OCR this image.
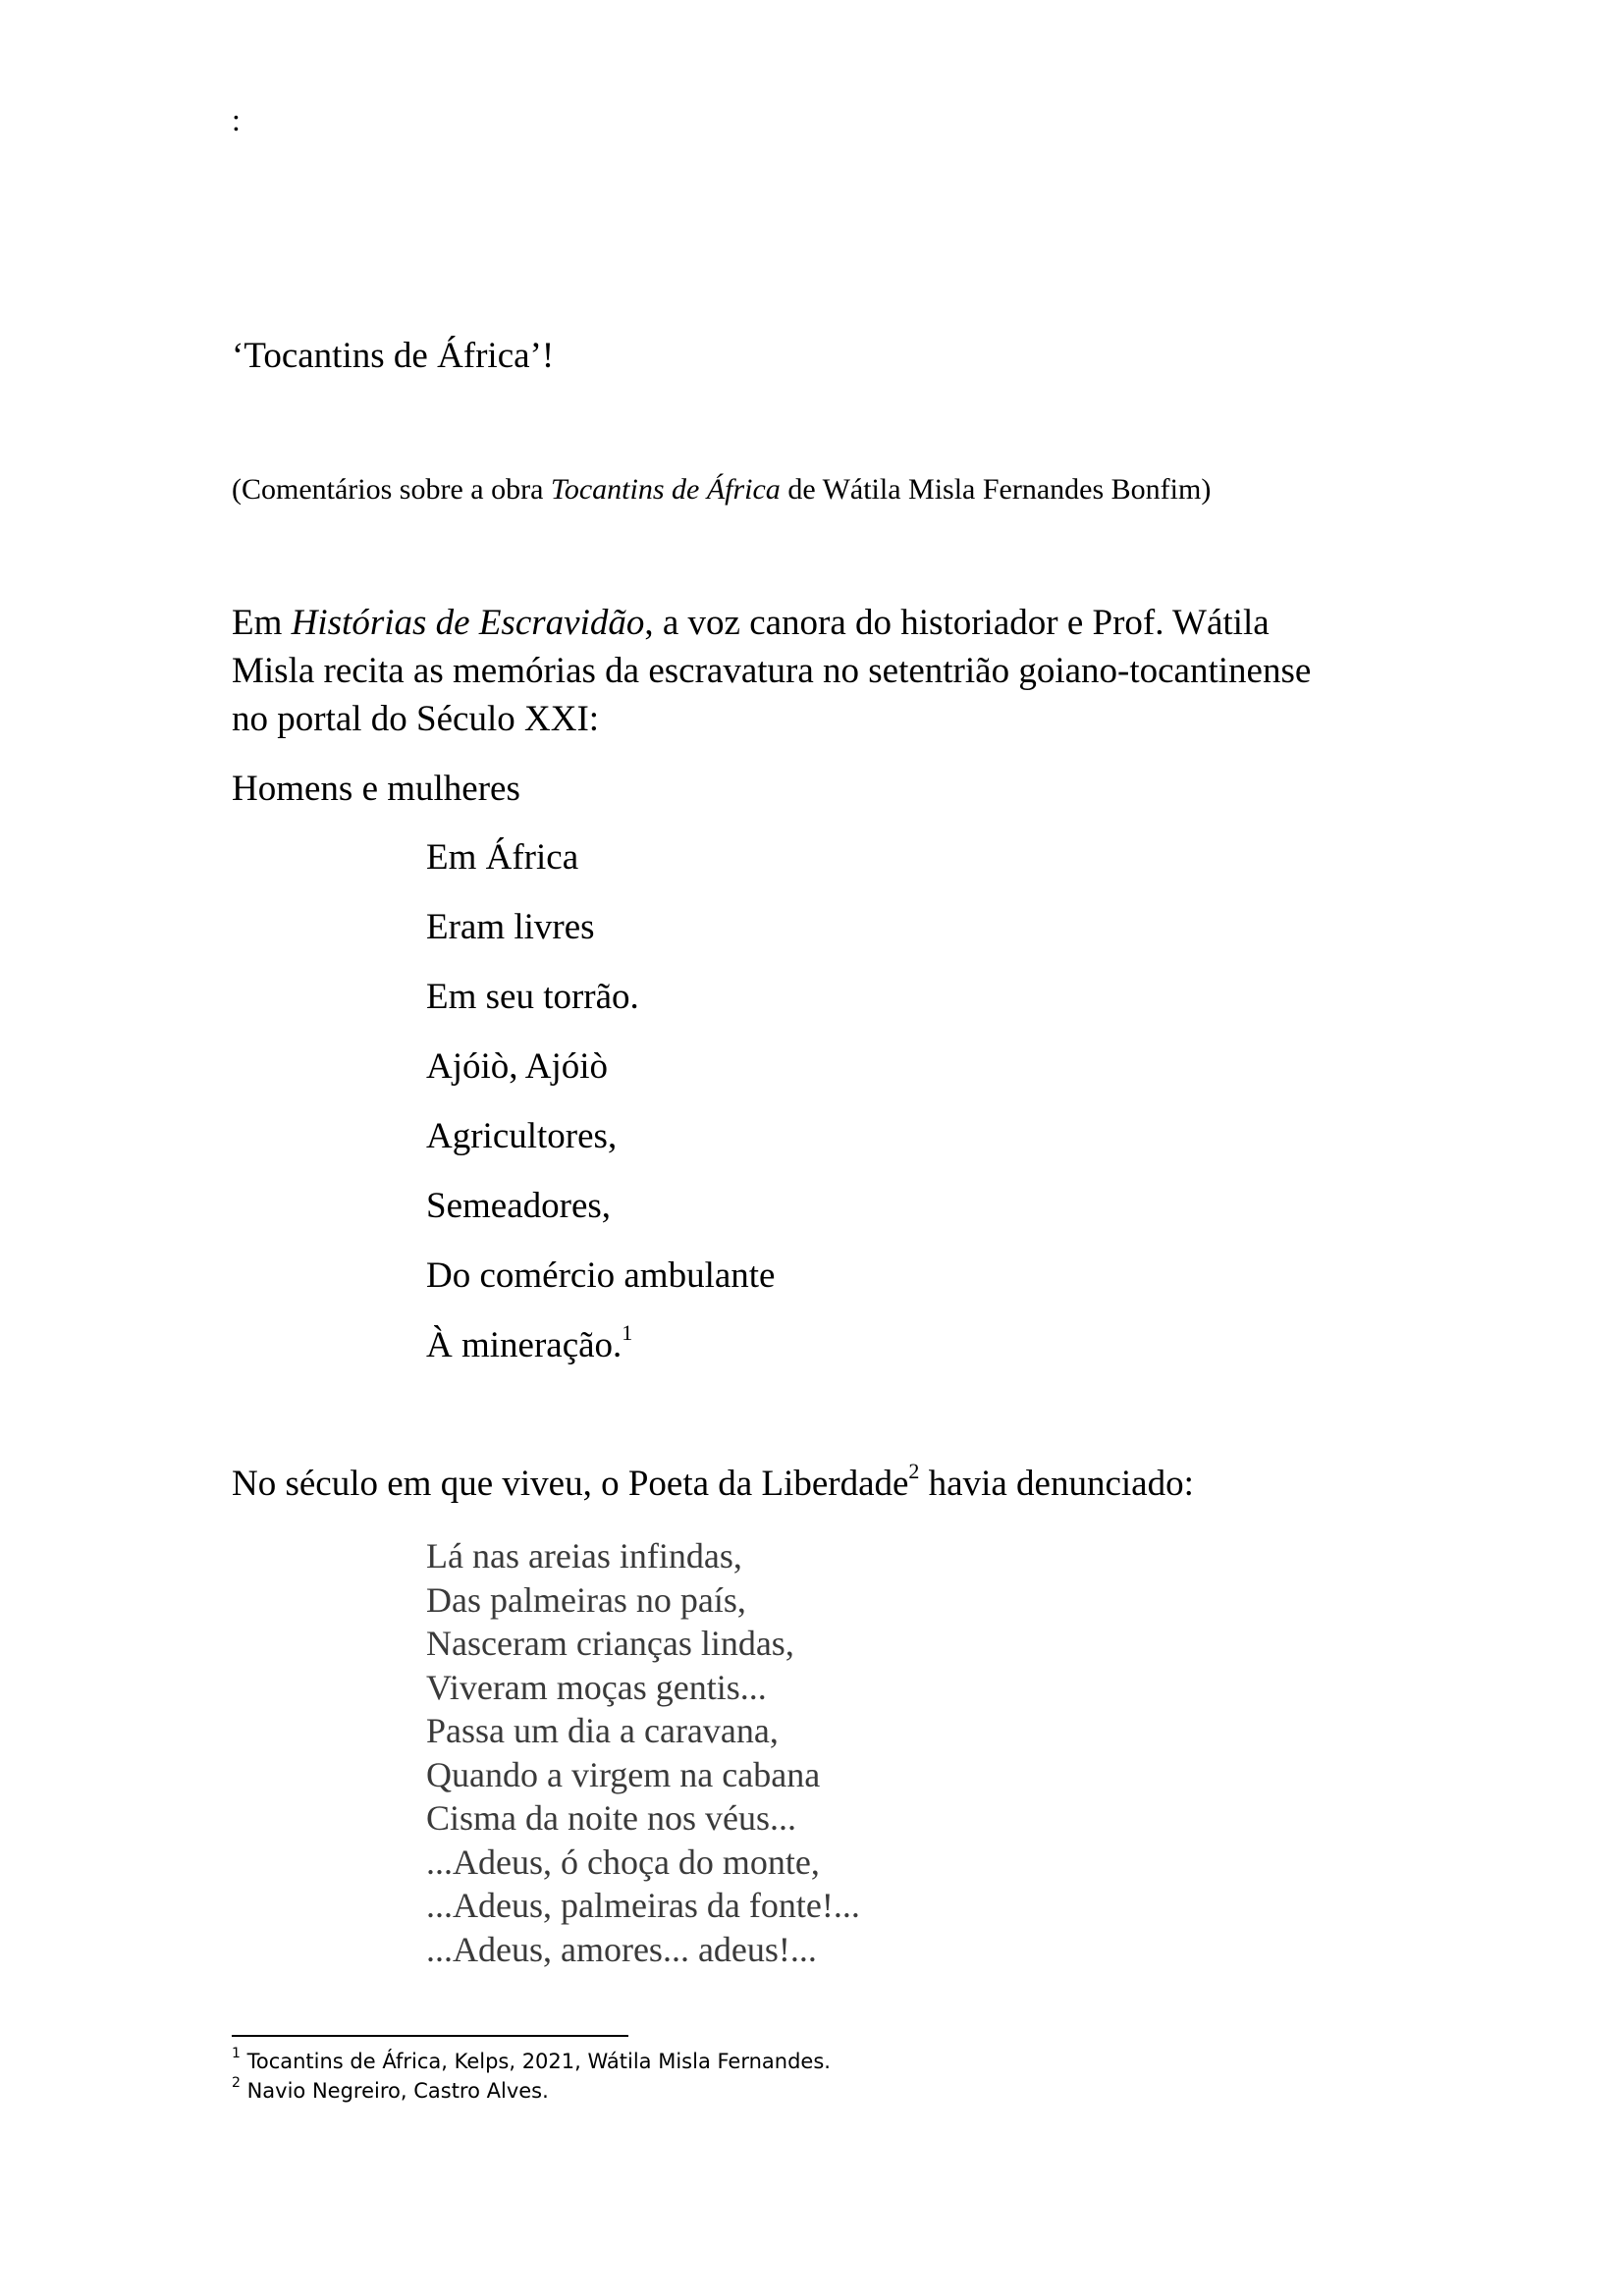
:
‘Tocantins de África’!
(Comentários sobre a obra Tocantins de África de Wátila Misla Fernandes Bonfim)

Em Histórias de Escravidão, a voz canora do historiador e Prof. Wátila

Misla recita as memórias da escravatura no setentrião goiano-tocantinense

no portal do Século XXI:

Homens e mulheres
Em África
Eram livres
Em seu torrão.
Ajóiò, Ajóiò
Agricultores,
Semeadores,
Do comércio ambulante
À mineração.$^1$
No século em que viveu, o Poeta da Liberdade$^2$ havia denunciado:
Lá nas areias infindas,
Das palmeiras no país,
Nasceram crianças lindas,
Viveram moças gentis...
Passa um dia a caravana,
Quando a virgem na cabana
Cisma da noite nos véus...
...Adeus, ó choça do monte,
...Adeus, palmeiras da fonte!...
...Adeus, amores... adeus!...
$^1$ Tocantins de África, Kelps, 2021, Wátila Misla Fernandes.
$^2$ Navio Negreiro, Castro Alves.
